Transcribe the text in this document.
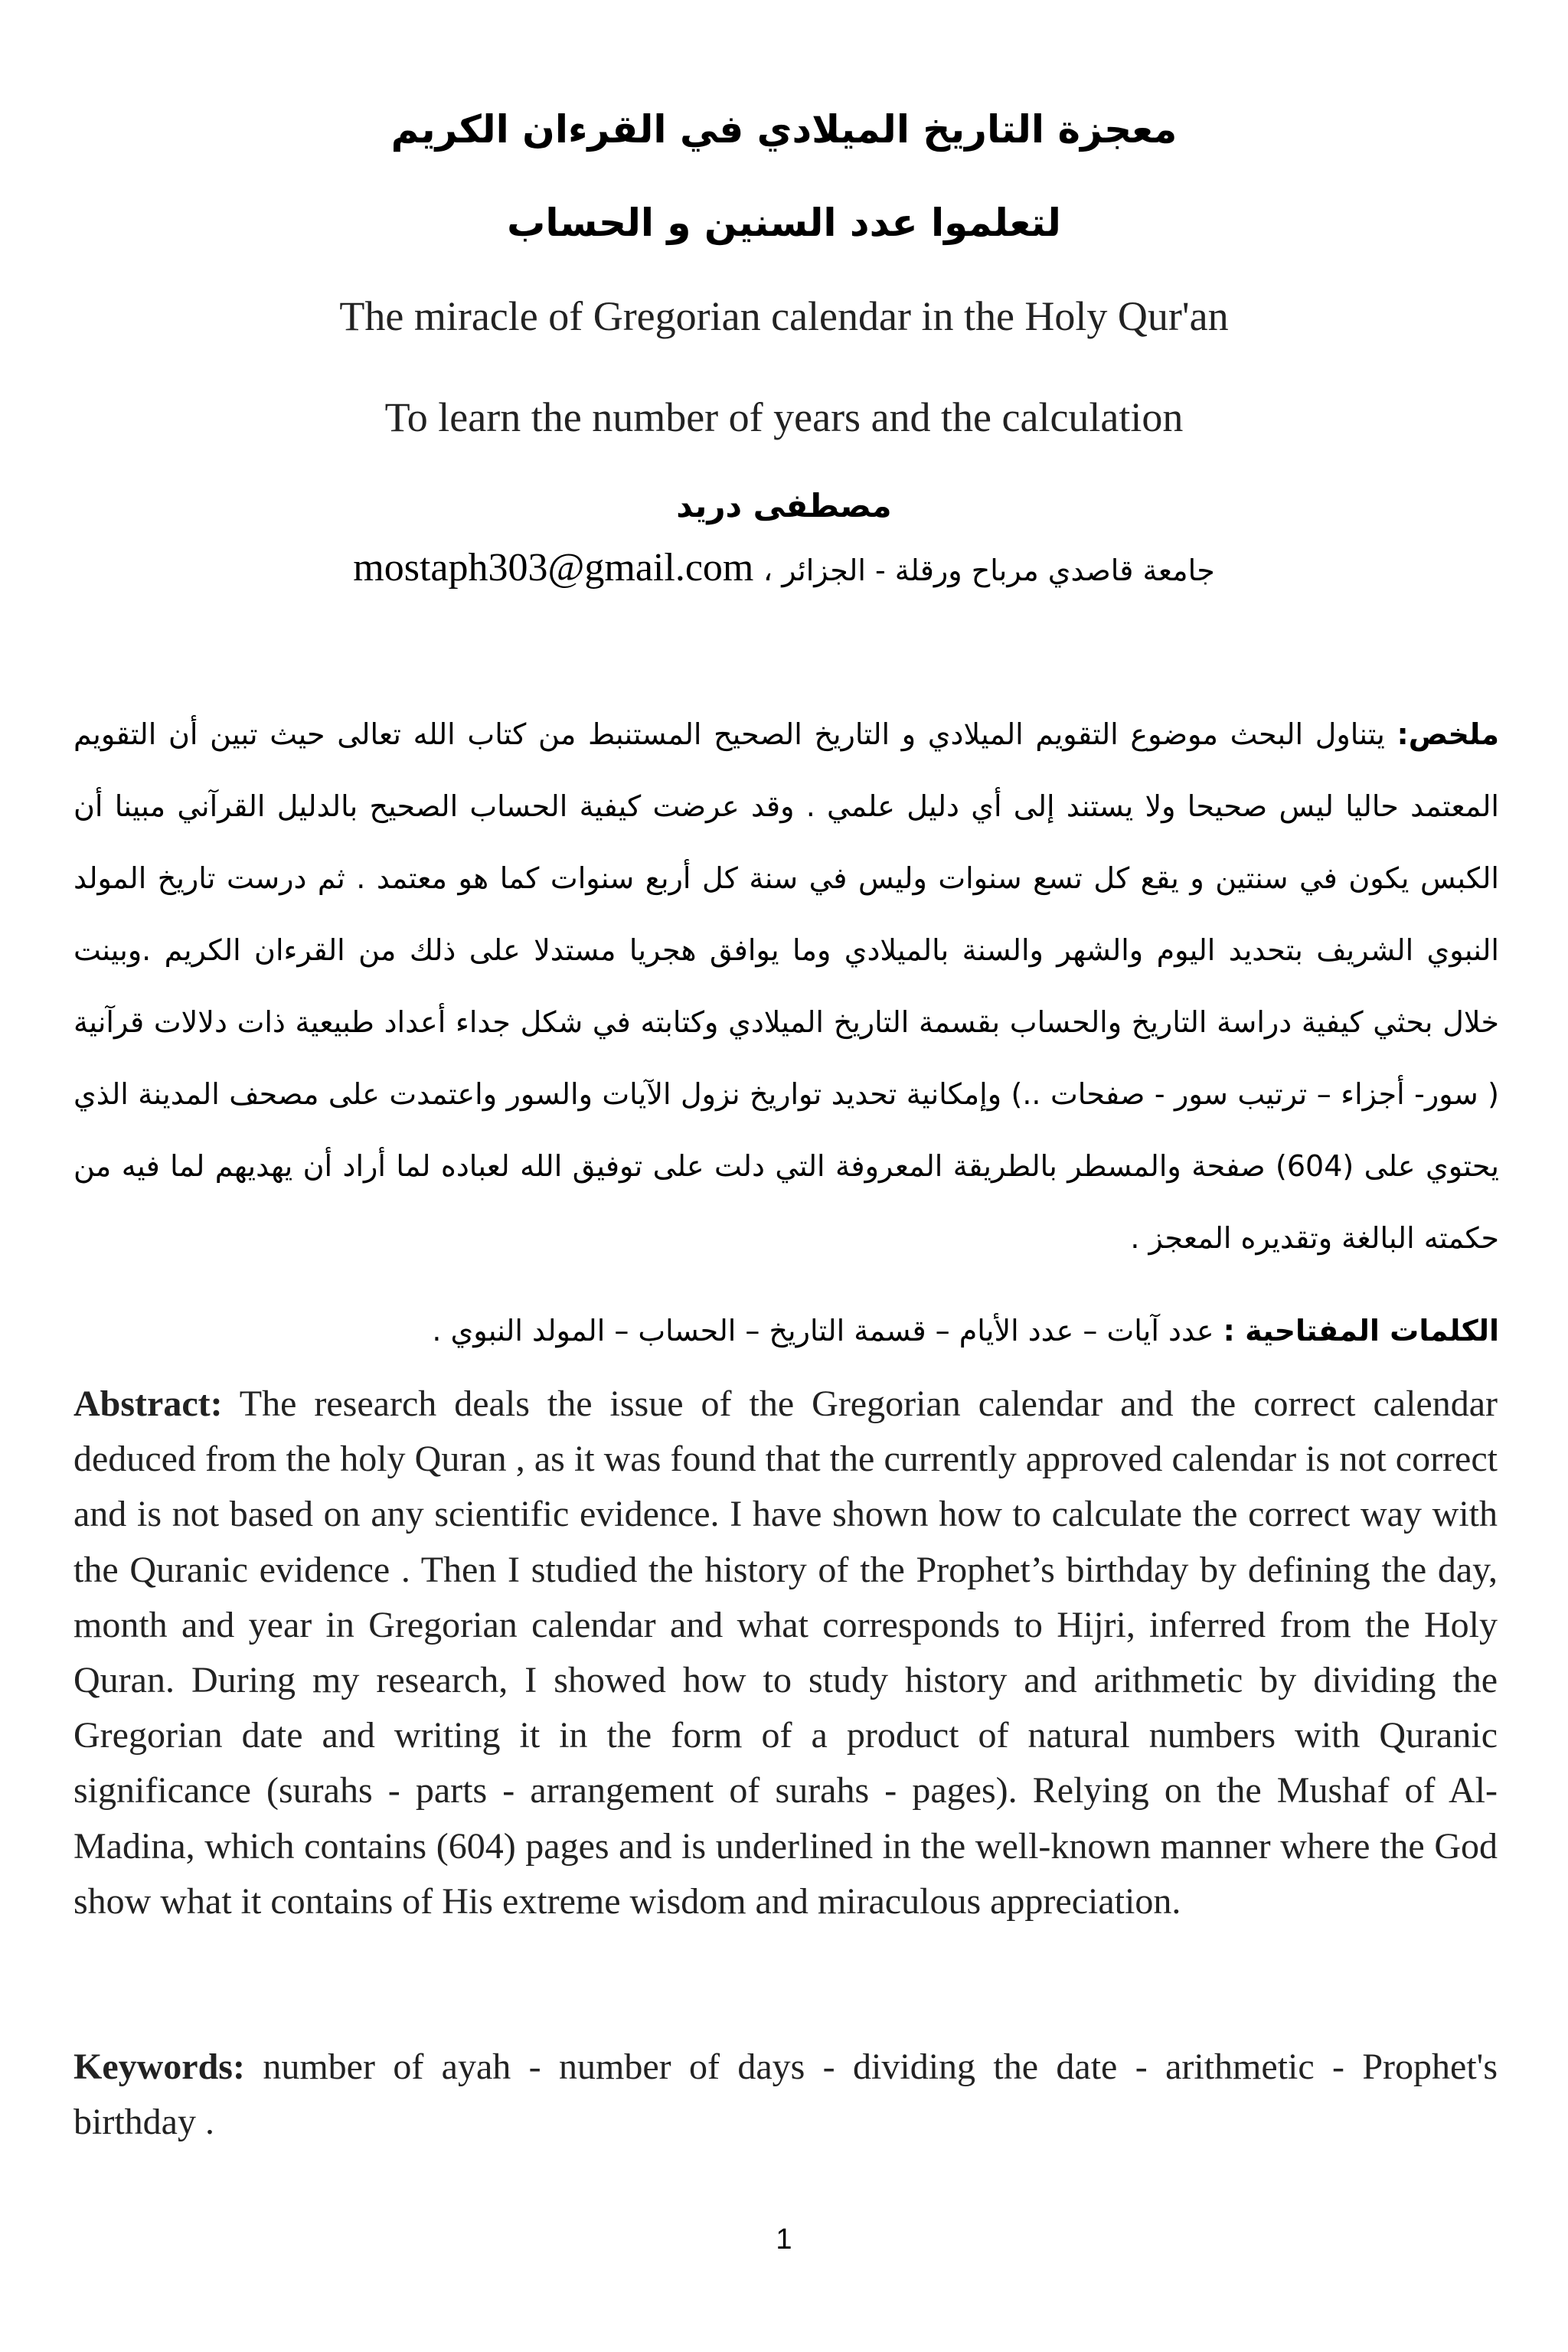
معجزة التاريخ الميلادي في القرءان الكريم
لتعلموا عدد السنين و الحساب
The miracle of Gregorian calendar in the Holy Qur'an
To learn the number of years and the calculation
مصطفى دريد
mostaph303@gmail.com جامعة قاصدي مرباح ورقلة - الجزائر ،
ملخص: يتناول البحث موضوع التقويم الميلادي و التاريخ الصحيح المستنبط من كتاب الله تعالى حيث تبين أن التقويم المعتمد حاليا ليس صحيحا ولا يستند إلى أي دليل علمي . وقد عرضت كيفية الحساب الصحيح بالدليل القرآني مبينا أن الكبس يكون في سنتين و يقع كل تسع سنوات وليس في سنة كل أربع سنوات كما هو معتمد . ثم درست تاريخ المولد النبوي الشريف بتحديد اليوم والشهر والسنة بالميلادي وما يوافق هجريا مستدلا على ذلك من القرءان الكريم .وبينت خلال بحثي كيفية دراسة التاريخ والحساب بقسمة التاريخ الميلادي وكتابته في شكل جداء أعداد طبيعية ذات دلالات قرآنية ( سور- أجزاء – ترتيب سور - صفحات ..) وإمكانية تحديد تواريخ نزول الآيات والسور واعتمدت على مصحف المدينة الذي يحتوي على (604) صفحة والمسطر بالطريقة المعروفة التي دلت على توفيق الله لعباده لما أراد أن يهديهم لما فيه من حكمته البالغة وتقديره المعجز .
الكلمات المفتاحية : عدد آيات – عدد الأيام – قسمة التاريخ – الحساب – المولد النبوي .
Abstract: The research deals the issue of the Gregorian calendar and the correct calendar deduced from the holy Quran , as it was found that the currently approved calendar is not correct and is not based on any scientific evidence. I have shown how to calculate the correct way with the Quranic evidence . Then I studied the history of the Prophet’s birthday by defining the day, month and year in Gregorian calendar and what corresponds to Hijri, inferred from the Holy Quran. During my research, I showed how to study history and arithmetic by dividing the Gregorian date and writing it in the form of a product of natural numbers with Quranic significance (surahs - parts - arrangement of surahs - pages). Relying on the Mushaf of Al-Madina, which contains (604) pages and is underlined in the well-known manner where the God show what it contains of His extreme wisdom and miraculous appreciation.
Keywords: number of ayah - number of days - dividing the date - arithmetic - Prophet's birthday .
1
